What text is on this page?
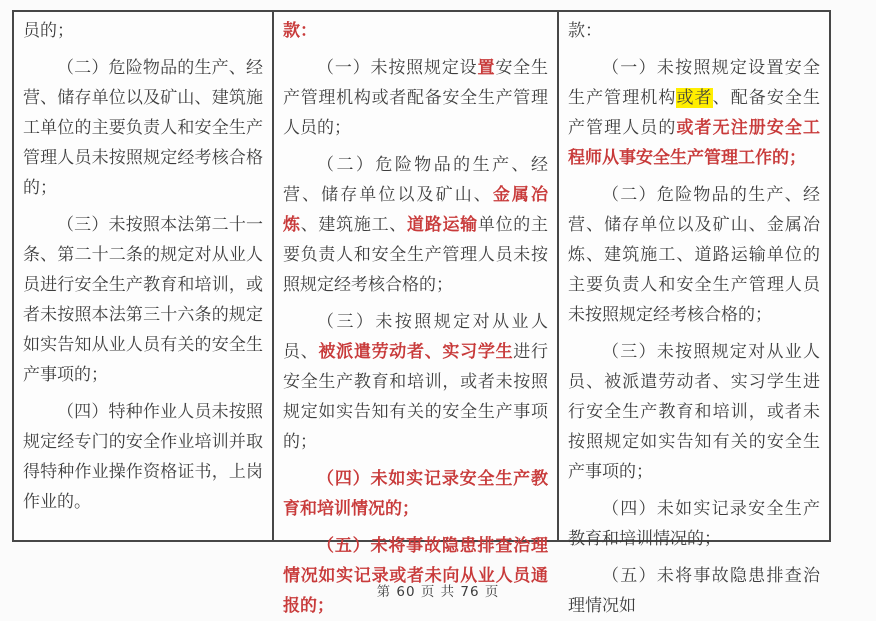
员的；

（二）危险物品的生产、经营、储存单位以及矿山、建筑施工单位的主要负责人和安全生产管理人员未按照规定经考核合格的；

（三）未按照本法第二十一条、第二十二条的规定对从业人员进行安全生产教育和培训，或者未按照本法第三十六条的规定如实告知从业人员有关的安全生产事项的；

（四）特种作业人员未按照规定经专门的安全作业培训并取得特种作业操作资格证书，上岗作业的。

款：

（一）未按照规定设置安全生产管理机构或者配备安全生产管理人员的；

（二）危险物品的生产、经营、储存单位以及矿山、金属冶炼、建筑施工、道路运输单位的主要负责人和安全生产管理人员未按照规定经考核合格的；

（三）未按照规定对从业人员、被派遣劳动者、实习学生进行安全生产教育和培训，或者未按照规定如实告知有关的安全生产事项的；

（四）未如实记录安全生产教育和培训情况的；

（五）未将事故隐患排查治理情况如实记录或者未向从业人员通报的；

款：

（一）未按照规定设置安全生产管理机构或者、配备安全生产管理人员的或者无注册安全工程师从事安全生产管理工作的；

（二）危险物品的生产、经营、储存单位以及矿山、金属冶炼、建筑施工、道路运输单位的主要负责人和安全生产管理人员未按照规定经考核合格的；

（三）未按照规定对从业人员、被派遣劳动者、实习学生进行安全生产教育和培训，或者未按照规定如实告知有关的安全生产事项的；

（四）未如实记录安全生产教育和培训情况的；

（五）未将事故隐患排查治理情况如

第 60 页 共 76 页
